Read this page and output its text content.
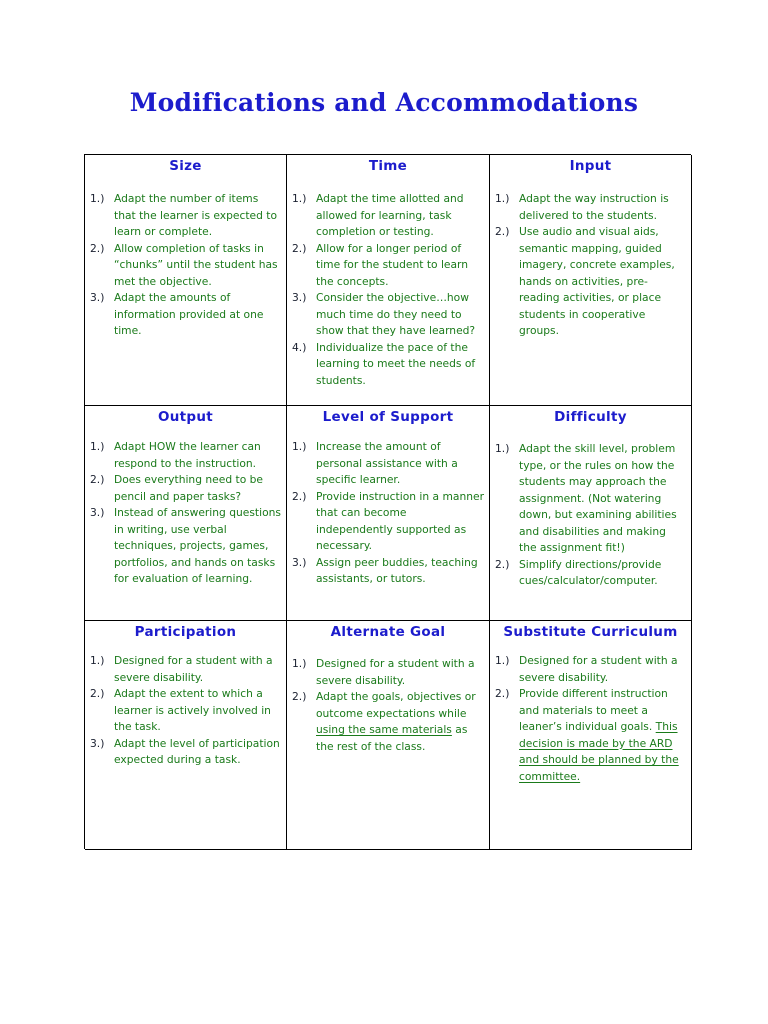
Modifications and Accommodations
Size
1.) Adapt the number of items that the learner is expected to learn or complete.
2.) Allow completion of tasks in “chunks” until the student has met the objective.
3.) Adapt the amounts of information provided at one time.
Time
1.) Adapt the time allotted and allowed for learning, task completion or testing.
2.) Allow for a longer period of time for the student to learn the concepts.
3.) Consider the objective…how much time do they need to show that they have learned?
4.) Individualize the pace of the learning to meet the needs of students.
Input
1.) Adapt the way instruction is delivered to the students.
2.) Use audio and visual aids, semantic mapping, guided imagery, concrete examples, hands on activities, pre-reading activities, or place students in cooperative groups.
Output
1.) Adapt HOW the learner can respond to the instruction.
2.) Does everything need to be pencil and paper tasks?
3.) Instead of answering questions in writing, use verbal techniques, projects, games, portfolios, and hands on tasks for evaluation of learning.
Level of Support
1.) Increase the amount of personal assistance with a specific learner.
2.) Provide instruction in a manner that can become independently supported as necessary.
3.) Assign peer buddies, teaching assistants, or tutors.
Difficulty
1.) Adapt the skill level, problem type, or the rules on how the students may approach the assignment. (Not watering down, but examining abilities and disabilities and making the assignment fit!)
2.) Simplify directions/provide cues/calculator/computer.
Participation
1.) Designed for a student with a severe disability.
2.) Adapt the extent to which a learner is actively involved in the task.
3.) Adapt the level of participation expected during a task.
Alternate Goal
1.) Designed for a student with a severe disability.
2.) Adapt the goals, objectives or outcome expectations while using the same materials as the rest of the class.
Substitute Curriculum
1.) Designed for a student with a severe disability.
2.) Provide different instruction and materials to meet a leaner’s individual goals. This decision is made by the ARD and should be planned by the committee.
